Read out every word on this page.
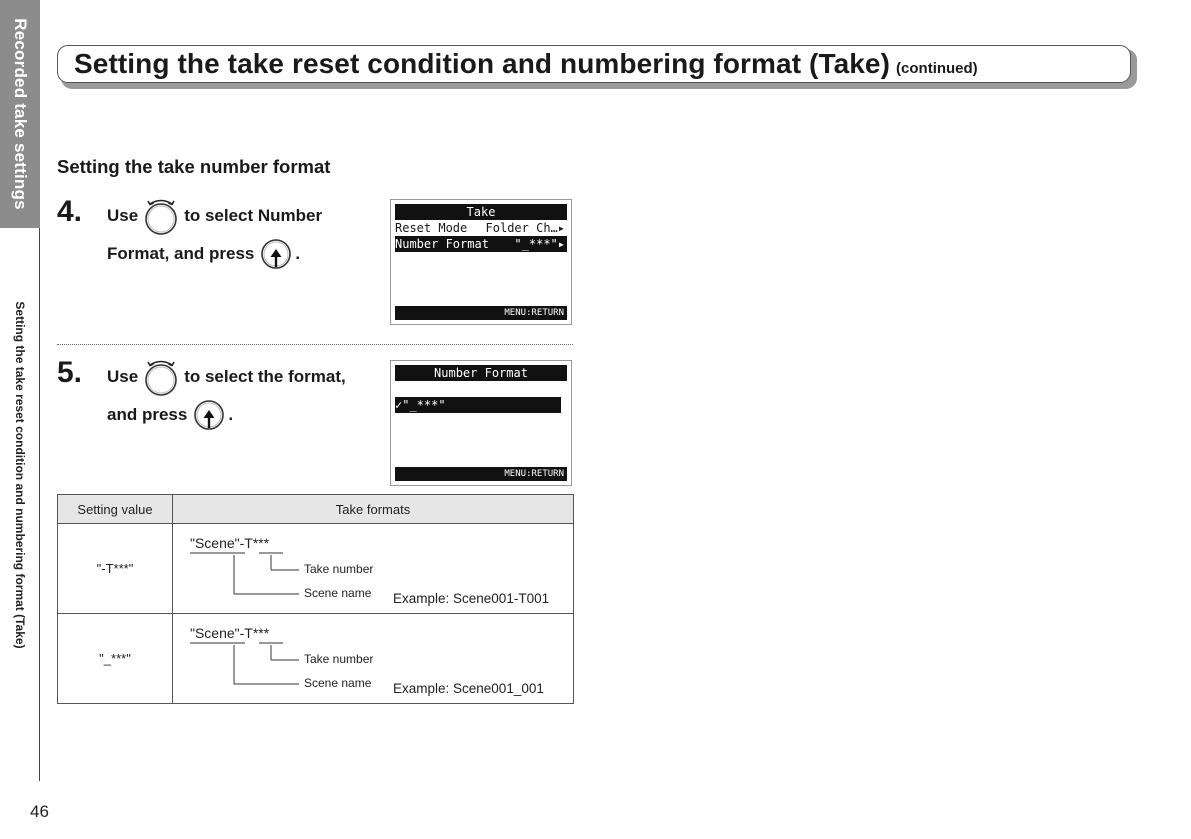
Recorded take settings
Setting the take reset condition and numbering format (Take)
46
Setting the take reset condition and numbering format (Take) (continued)
Setting the take number format
4. Use	to select Number
Format, and press .
Take
Reset Mode Folder Ch…▸
Number Format "_***"▸
MENU:RETURN
5. Use	to select the format,
and press .
Number Format

✓"_***"
MENU:RETURN
Setting value	Take formats
"-T***"	"Scene"-T***
Take number
Scene name Example: Scene001-T001

"_***"	"Scene"-T***
Take number
Scene name Example: Scene001_001
